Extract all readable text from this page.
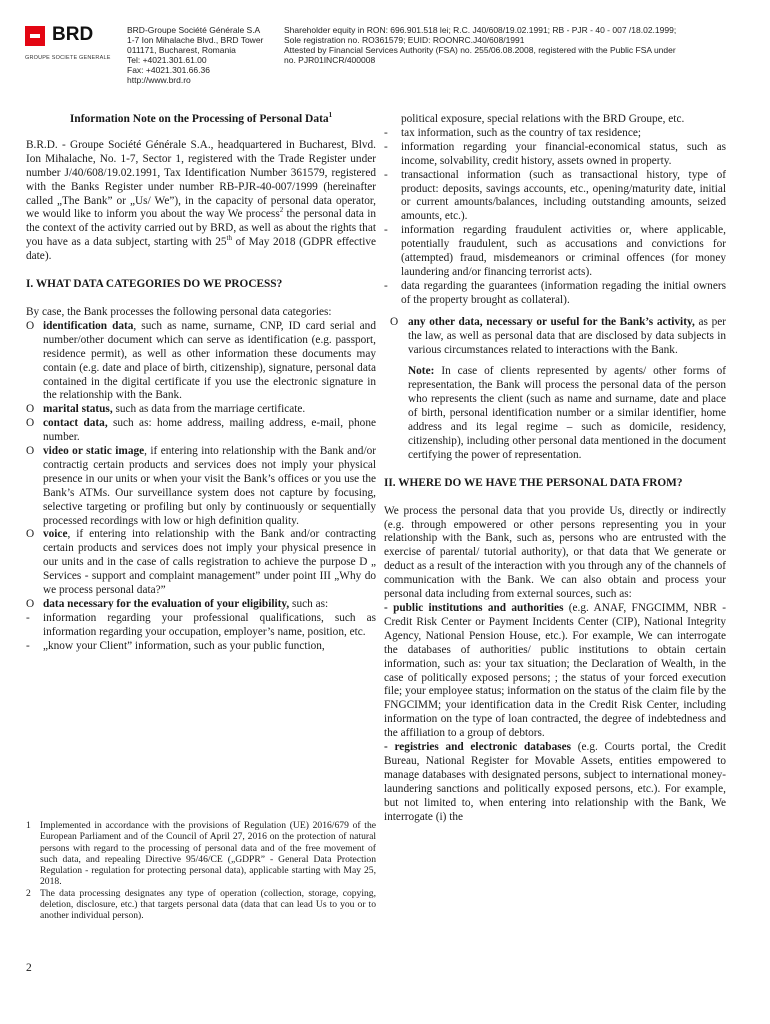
BRD
GROUPE SOCIETE GENERALE
BRD-Groupe Société Générale S.A
1-7 Ion Mihalache Blvd., BRD Tower
011171, Bucharest, Romania
Tel: +4021.301.61.00
Fax: +4021.301.66.36
http://www.brd.ro
Shareholder equity in RON: 696.901.518 lei; R.C. J40/608/19.02.1991; RB - PJR - 40 - 007 /18.02.1999;
Sole registration no. RO361579; EUID: ROONRC.J40/608/1991
Attested by Financial Services Authority (FSA) no. 255/06.08.2008, registered with the Public FSA under
no. PJR01INCR/400008

Information Note on the Processing of Personal Data$^1$

B.R.D. - Groupe Société Générale S.A., headquartered in Bucharest, Blvd. Ion Mihalache, No. 1-7, Sector 1, registered with the Trade Register under number J/40/608/19.02.1991, Tax Identification Number 361579, registered with the Banks Register under number RB-PJR-40-007/1999 (hereinafter called „The Bank” or „Us/ We”), in the capacity of personal data operator, we would like to inform you about the way We process$^2$ the personal data in the context of the activity carried out by BRD, as well as about the rights that you have as a data subject, starting with 25th of May 2018 (GDPR effective date).

I. WHAT DATA CATEGORIES DO WE PROCESS?

By case, the Bank processes the following personal data categories:

O identification data, such as name, surname, CNP, ID card serial and number/other document which can serve as identification (e.g. passport, residence permit), as well as other information these documents may contain (e.g. date and place of birth, citizenship), signature, personal data contained in the digital certificate if you use the electronic signature in the relationship with the Bank.
O marital status, such as data from the marriage certificate.
O contact data, such as: home address, mailing address, e-mail, phone number.
O video or static image, if entering into relationship with the Bank and/or contractig certain products and services does not imply your physical presence in our units or when your visit the Bank’s offices or you use the Bank’s ATMs. Our surveillance system does not capture by focusing, selective targeting or profiling but only by continuously or sequentially processed recordings with low or high definition quality.
O voice, if entering into relationship with the Bank and/or contracting certain products and services does not imply your physical presence in our units and in the case of calls registration to achieve the purpose D „ Services - support and complaint management” under point III „Why do we process personal data?”
O data necessary for the evaluation of your eligibility, such as:
- information regarding your professional qualifications, such as information regarding your occupation, employer’s name, position, etc.
- „know your Client” information, such as your public function,
1 Implemented in accordance with the provisions of Regulation (UE) 2016/679 of the European Parliament and of the Council of April 27, 2016 on the protection of natural persons with regard to the processing of personal data and of the free movement of such data, and repealing Directive 95/46/CE („GDPR” - General Data Protection Regulation - regulation for protecting personal data), applicable starting with May 25, 2018.
2 The data processing designates any type of operation (collection, storage, copying, deletion, disclosure, etc.) that targets personal data (data that can lead Us to you or to another individual person).
2
political exposure, special relations with the BRD Groupe, etc.
- tax information, such as the country of tax residence;
- information regarding your financial-economical status, such as income, solvability, credit history, assets owned in property.
- transactional information (such as transactional history, type of product: deposits, savings accounts, etc., opening/maturity date, initial or current amounts/balances, including outstanding amounts, seized amounts, etc.).
- information regarding fraudulent activities or, where applicable, potentially fraudulent, such as accusations and convictions for (attempted) fraud, misdemeanors or criminal offences (for money laundering and/or financing terrorist acts).
- data regarding the guarantees (information regading the initial owners of the property brought as collateral).
O any other data, necessary or useful for the Bank’s activity, as per the law, as well as personal data that are disclosed by data subjects in various circumstances related to interactions with the Bank.
Note: In case of clients represented by agents/ other forms of representation, the Bank will process the personal data of the person who represents the client (such as name and surname, date and place of birth, personal identification number or a similar identifier, home address and its legal regime – such as domicile, residency, citizenship), including other personal data mentioned in the document certifying the power of representation.

II. WHERE DO WE HAVE THE PERSONAL DATA FROM?

We process the personal data that you provide Us, directly or indirectly (e.g. through empowered or other persons representing you in your relationship with the Bank, such as, persons who are entrusted with the exercise of parental/ tutorial authority), or that data that We generate or deduct as a result of the interaction with you through any of the channels of communication with the Bank. We can also obtain and process your personal data including from external sources, such as:

- public institutions and authorities (e.g. ANAF, FNGCIMM, NBR - Credit Risk Center or Payment Incidents Center (CIP), National Integrity Agency, National Pension House, etc.). For example, We can interrogate the databases of authorities/ public institutions to obtain certain information, such as: your tax situation; the Declaration of Wealth, in the case of politically exposed persons; ; the status of your forced execution file; your employee status; information on the status of the claim file by the FNGCIMM; your identification data in the Credit Risk Center, including information on the type of loan contracted, the degree of indebtedness and the affiliation to a group of debtors.

- registries and electronic databases (e.g. Courts portal, the Credit Bureau, National Register for Movable Assets, entities empowered to manage databases with designated persons, subject to international money-laundering sanctions and politically exposed persons, etc.). For example, but not limited to, when entering into relationship with the Bank, We interrogate (i) the
